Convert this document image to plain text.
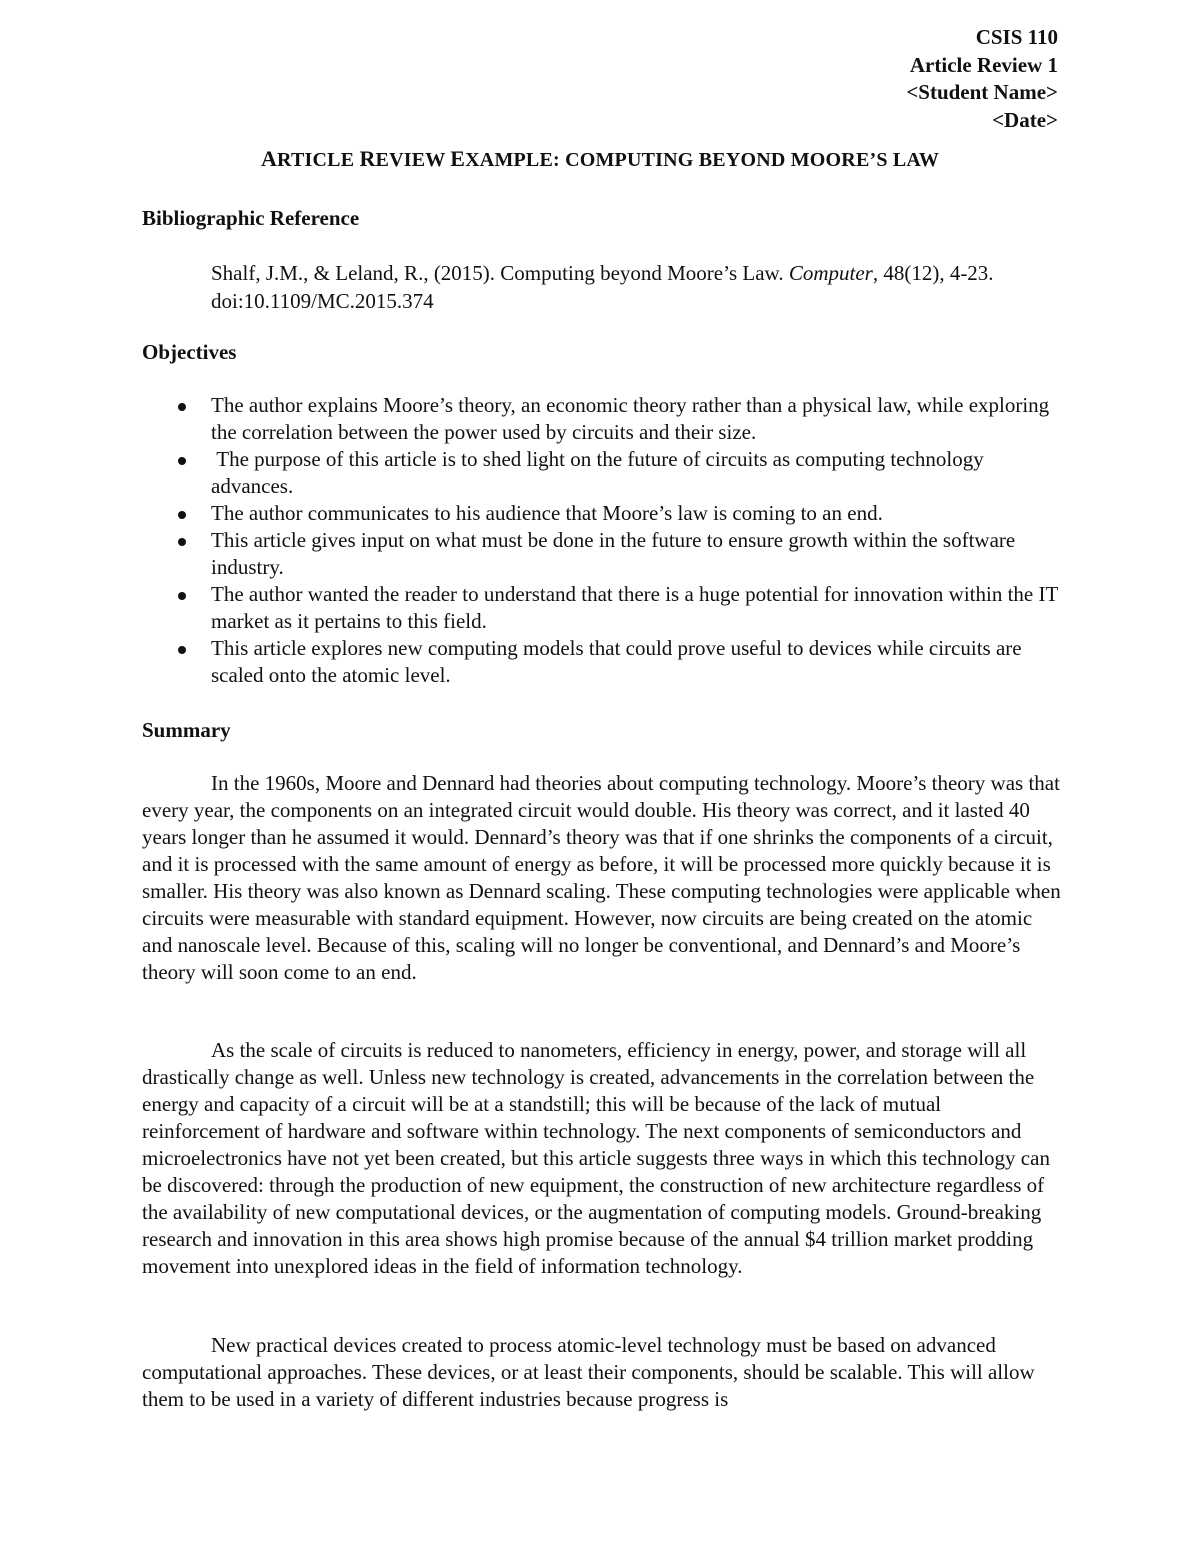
CSIS 110
Article Review 1
<Student Name>
<Date>
ARTICLE REVIEW EXAMPLE: COMPUTING BEYOND MOORE’S LAW
Bibliographic Reference
Shalf, J.M., & Leland, R., (2015). Computing beyond Moore’s Law. Computer, 48(12), 4-23. doi:10.1109/MC.2015.374
Objectives
The author explains Moore’s theory, an economic theory rather than a physical law, while exploring the correlation between the power used by circuits and their size.
The purpose of this article is to shed light on the future of circuits as computing technology advances.
The author communicates to his audience that Moore’s law is coming to an end.
This article gives input on what must be done in the future to ensure growth within the software industry.
The author wanted the reader to understand that there is a huge potential for innovation within the IT market as it pertains to this field.
This article explores new computing models that could prove useful to devices while circuits are scaled onto the atomic level.
Summary

In the 1960s, Moore and Dennard had theories about computing technology. Moore’s theory was that every year, the components on an integrated circuit would double. His theory was correct, and it lasted 40 years longer than he assumed it would. Dennard’s theory was that if one shrinks the components of a circuit, and it is processed with the same amount of energy as before, it will be processed more quickly because it is smaller. His theory was also known as Dennard scaling. These computing technologies were applicable when circuits were measurable with standard equipment. However, now circuits are being created on the atomic and nanoscale level. Because of this, scaling will no longer be conventional, and Dennard’s and Moore’s theory will soon come to an end.

As the scale of circuits is reduced to nanometers, efficiency in energy, power, and storage will all drastically change as well. Unless new technology is created, advancements in the correlation between the energy and capacity of a circuit will be at a standstill; this will be because of the lack of mutual reinforcement of hardware and software within technology. The next components of semiconductors and microelectronics have not yet been created, but this article suggests three ways in which this technology can be discovered: through the production of new equipment, the construction of new architecture regardless of the availability of new computational devices, or the augmentation of computing models. Ground-breaking research and innovation in this area shows high promise because of the annual $4 trillion market prodding movement into unexplored ideas in the field of information technology.

New practical devices created to process atomic-level technology must be based on advanced computational approaches. These devices, or at least their components, should be scalable. This will allow them to be used in a variety of different industries because progress is
